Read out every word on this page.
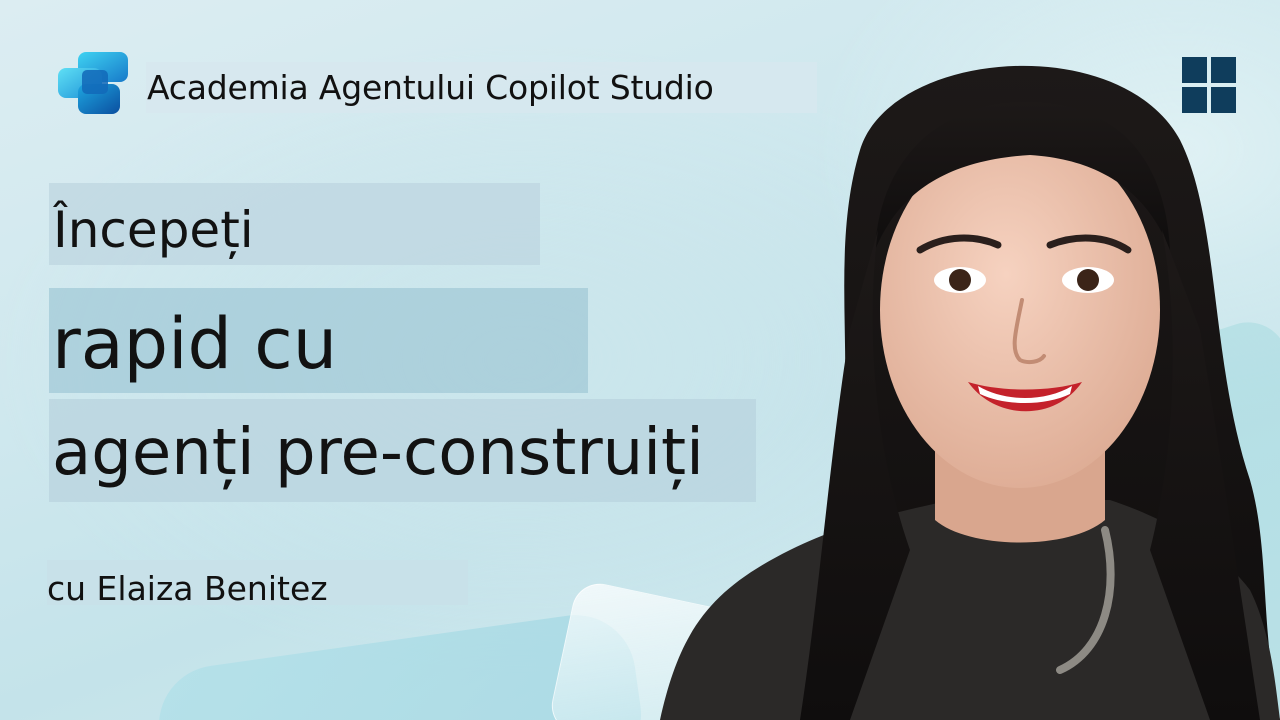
Academia Agentului Copilot Studio
Începeți
rapid cu
agenți pre-construiți
cu Elaiza Benitez
